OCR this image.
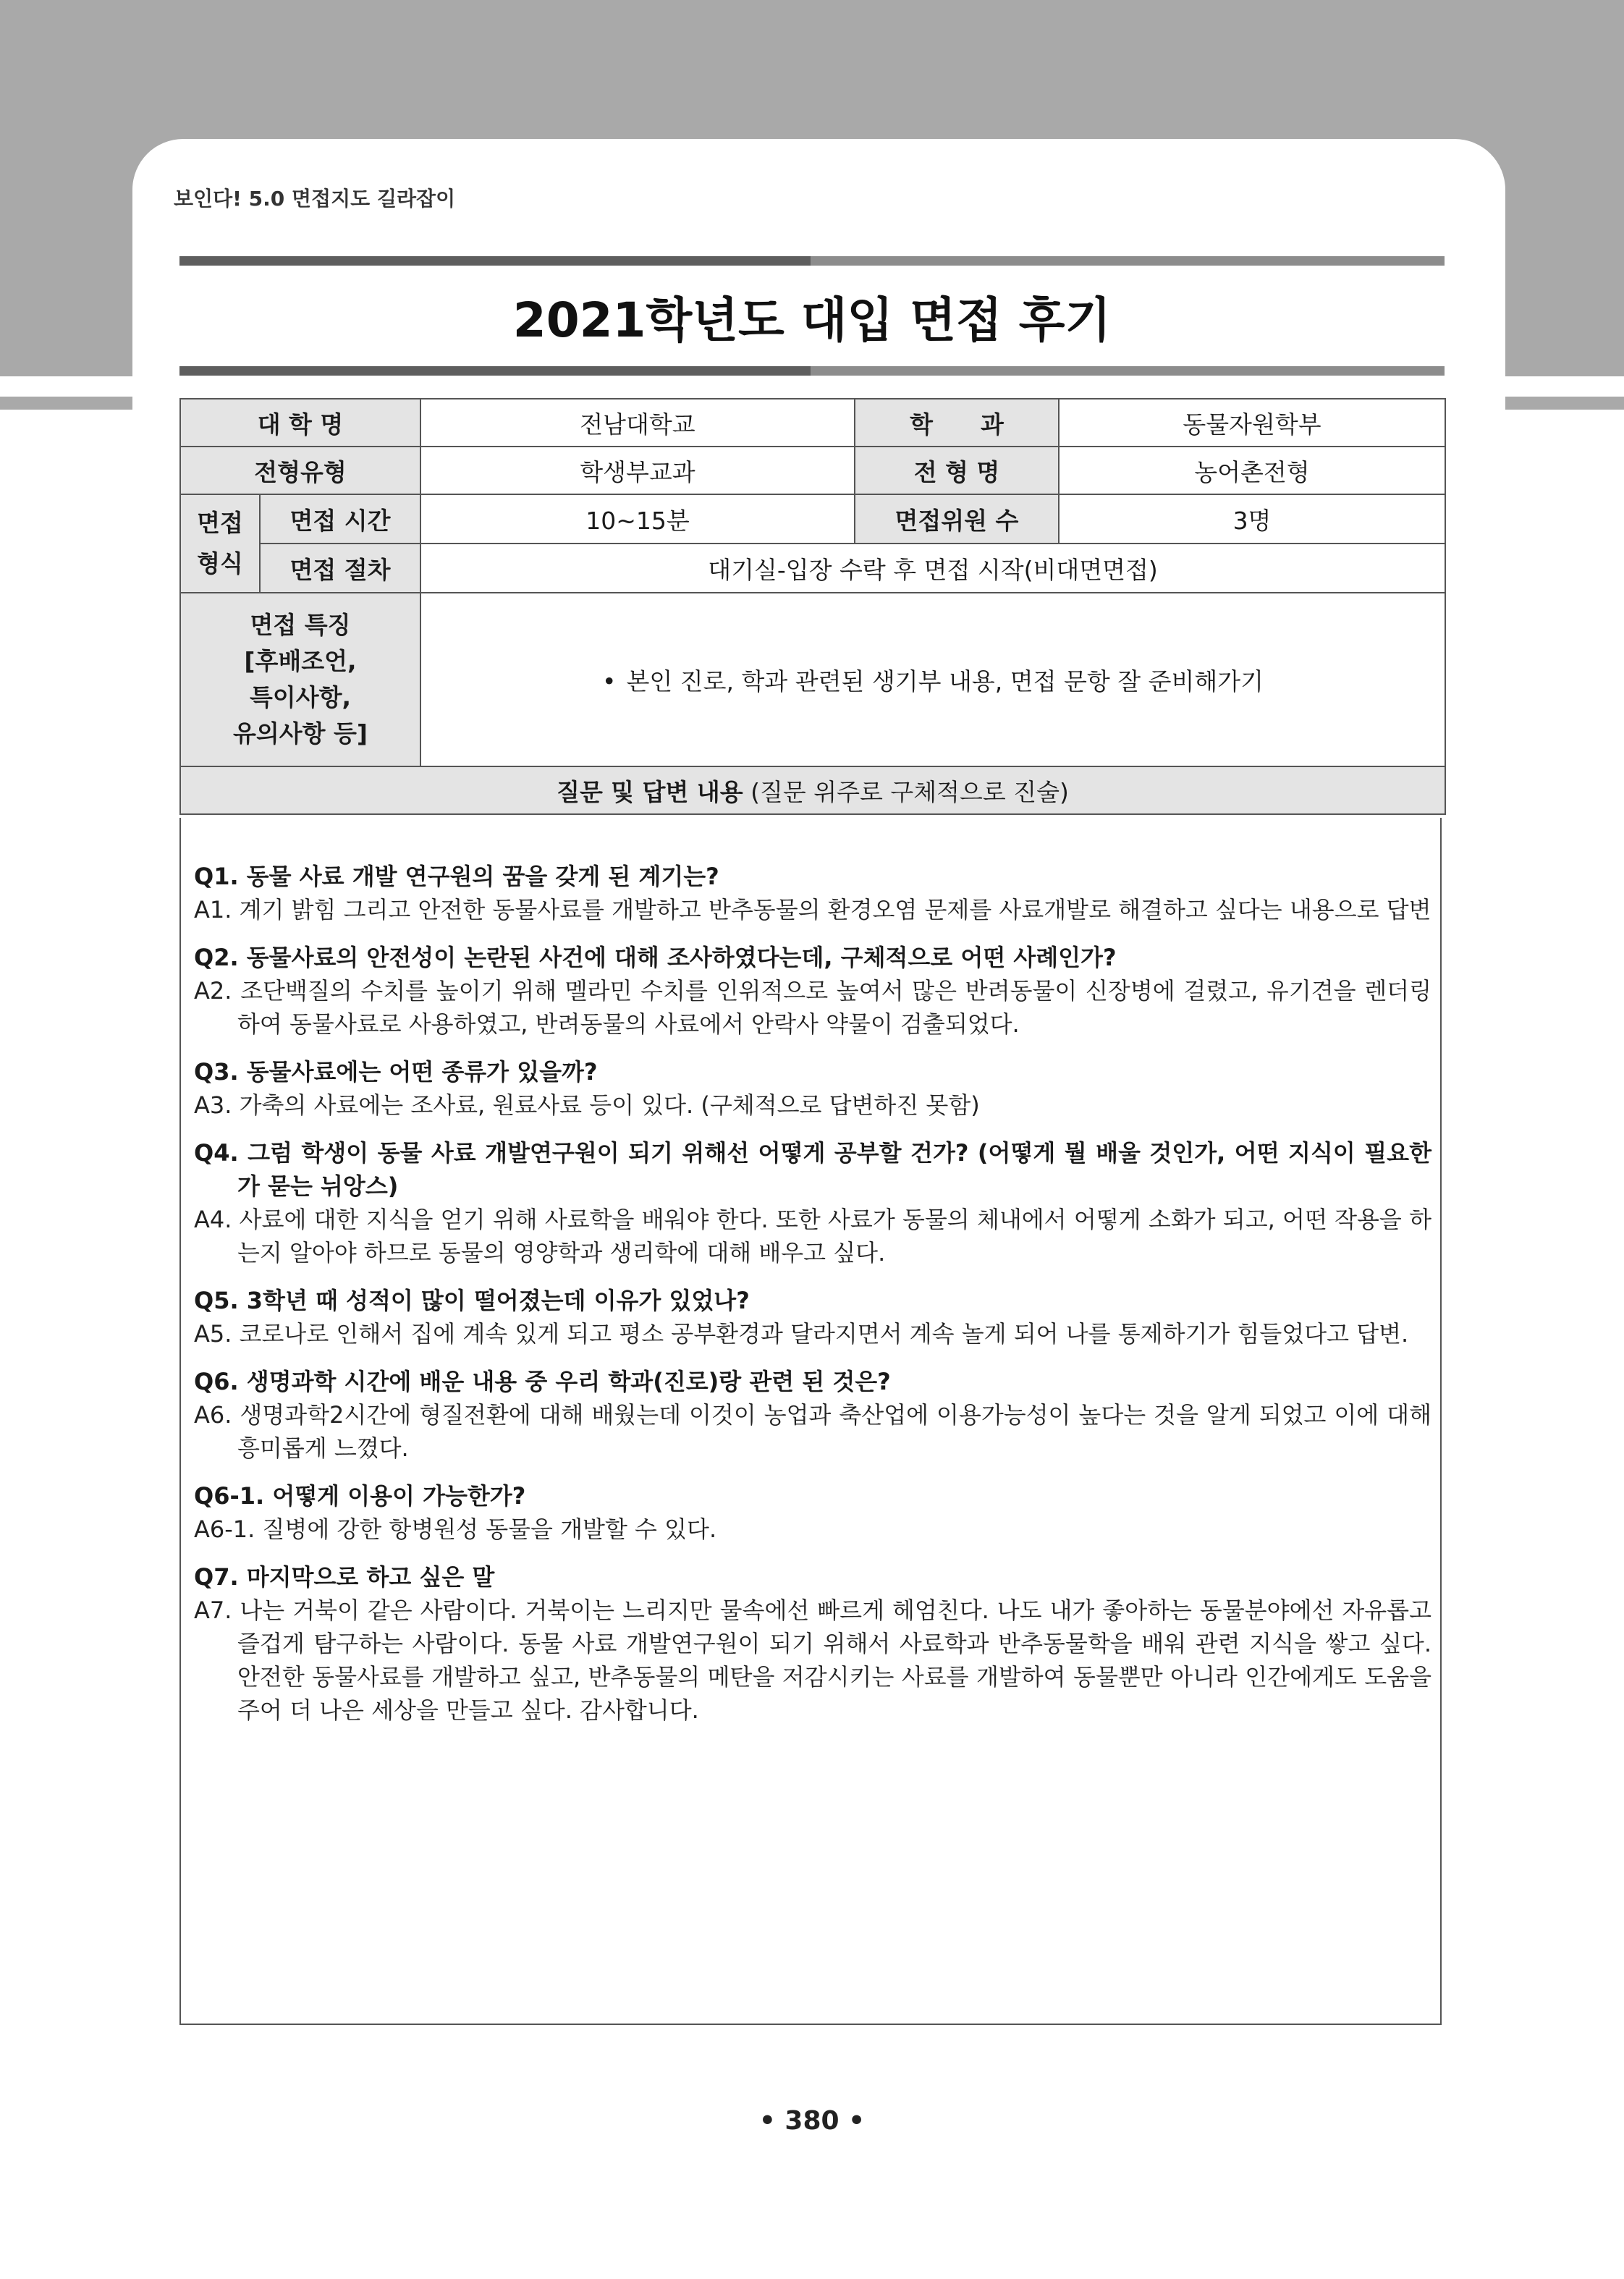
보인다! 5.0 면접지도 길라잡이
2021학년도 대입 면접 후기
대 학 명		전남대학교	학　　과	동물자원학부
전형유형		학생부교과	전 형 명	농어촌전형
면접
형식	면접 시간	10~15분	면접위원 수	3명
	면접 절차	대기실-입장 수락 후 면접 시작(비대면면접)		
면접 특징
[후배조언,
특이사항,
유의사항 등]		• 본인 진로, 학과 관련된 생기부 내용, 면접 문항 잘 준비해가기		
질문 및 답변 내용 (질문 위주로 구체적으로 진술)				
Q1. 동물 사료 개발 연구원의 꿈을 갖게 된 계기는?
A1. 계기 밝힘 그리고 안전한 동물사료를 개발하고 반추동물의 환경오염 문제를 사료개발로 해결하고 싶다는 내용으로 답변
Q2. 동물사료의 안전성이 논란된 사건에 대해 조사하였다는데, 구체적으로 어떤 사례인가?
A2. 조단백질의 수치를 높이기 위해 멜라민 수치를 인위적으로 높여서 많은 반려동물이 신장병에 걸렸고, 유기견을 렌더링하여 동물사료로 사용하였고, 반려동물의 사료에서 안락사 약물이 검출되었다.
Q3. 동물사료에는 어떤 종류가 있을까?
A3. 가축의 사료에는 조사료, 원료사료 등이 있다. (구체적으로 답변하진 못함)
Q4. 그럼 학생이 동물 사료 개발연구원이 되기 위해선 어떻게 공부할 건가? (어떻게 뭘 배울 것인가, 어떤 지식이 필요한가 묻는 뉘앙스)
A4. 사료에 대한 지식을 얻기 위해 사료학을 배워야 한다. 또한 사료가 동물의 체내에서 어떻게 소화가 되고, 어떤 작용을 하는지 알아야 하므로 동물의 영양학과 생리학에 대해 배우고 싶다.
Q5. 3학년 때 성적이 많이 떨어졌는데 이유가 있었나?
A5. 코로나로 인해서 집에 계속 있게 되고 평소 공부환경과 달라지면서 계속 놀게 되어 나를 통제하기가 힘들었다고 답변.
Q6. 생명과학 시간에 배운 내용 중 우리 학과(진로)랑 관련 된 것은?
A6. 생명과학2시간에 형질전환에 대해 배웠는데 이것이 농업과 축산업에 이용가능성이 높다는 것을 알게 되었고 이에 대해 흥미롭게 느꼈다.
Q6-1. 어떻게 이용이 가능한가?
A6-1. 질병에 강한 항병원성 동물을 개발할 수 있다.
Q7. 마지막으로 하고 싶은 말
A7. 나는 거북이 같은 사람이다. 거북이는 느리지만 물속에선 빠르게 헤엄친다. 나도 내가 좋아하는 동물분야에선 자유롭고 즐겁게 탐구하는 사람이다. 동물 사료 개발연구원이 되기 위해서 사료학과 반추동물학을 배워 관련 지식을 쌓고 싶다. 안전한 동물사료를 개발하고 싶고, 반추동물의 메탄을 저감시키는 사료를 개발하여 동물뿐만 아니라 인간에게도 도움을 주어 더 나은 세상을 만들고 싶다. 감사합니다.
• 380 •
